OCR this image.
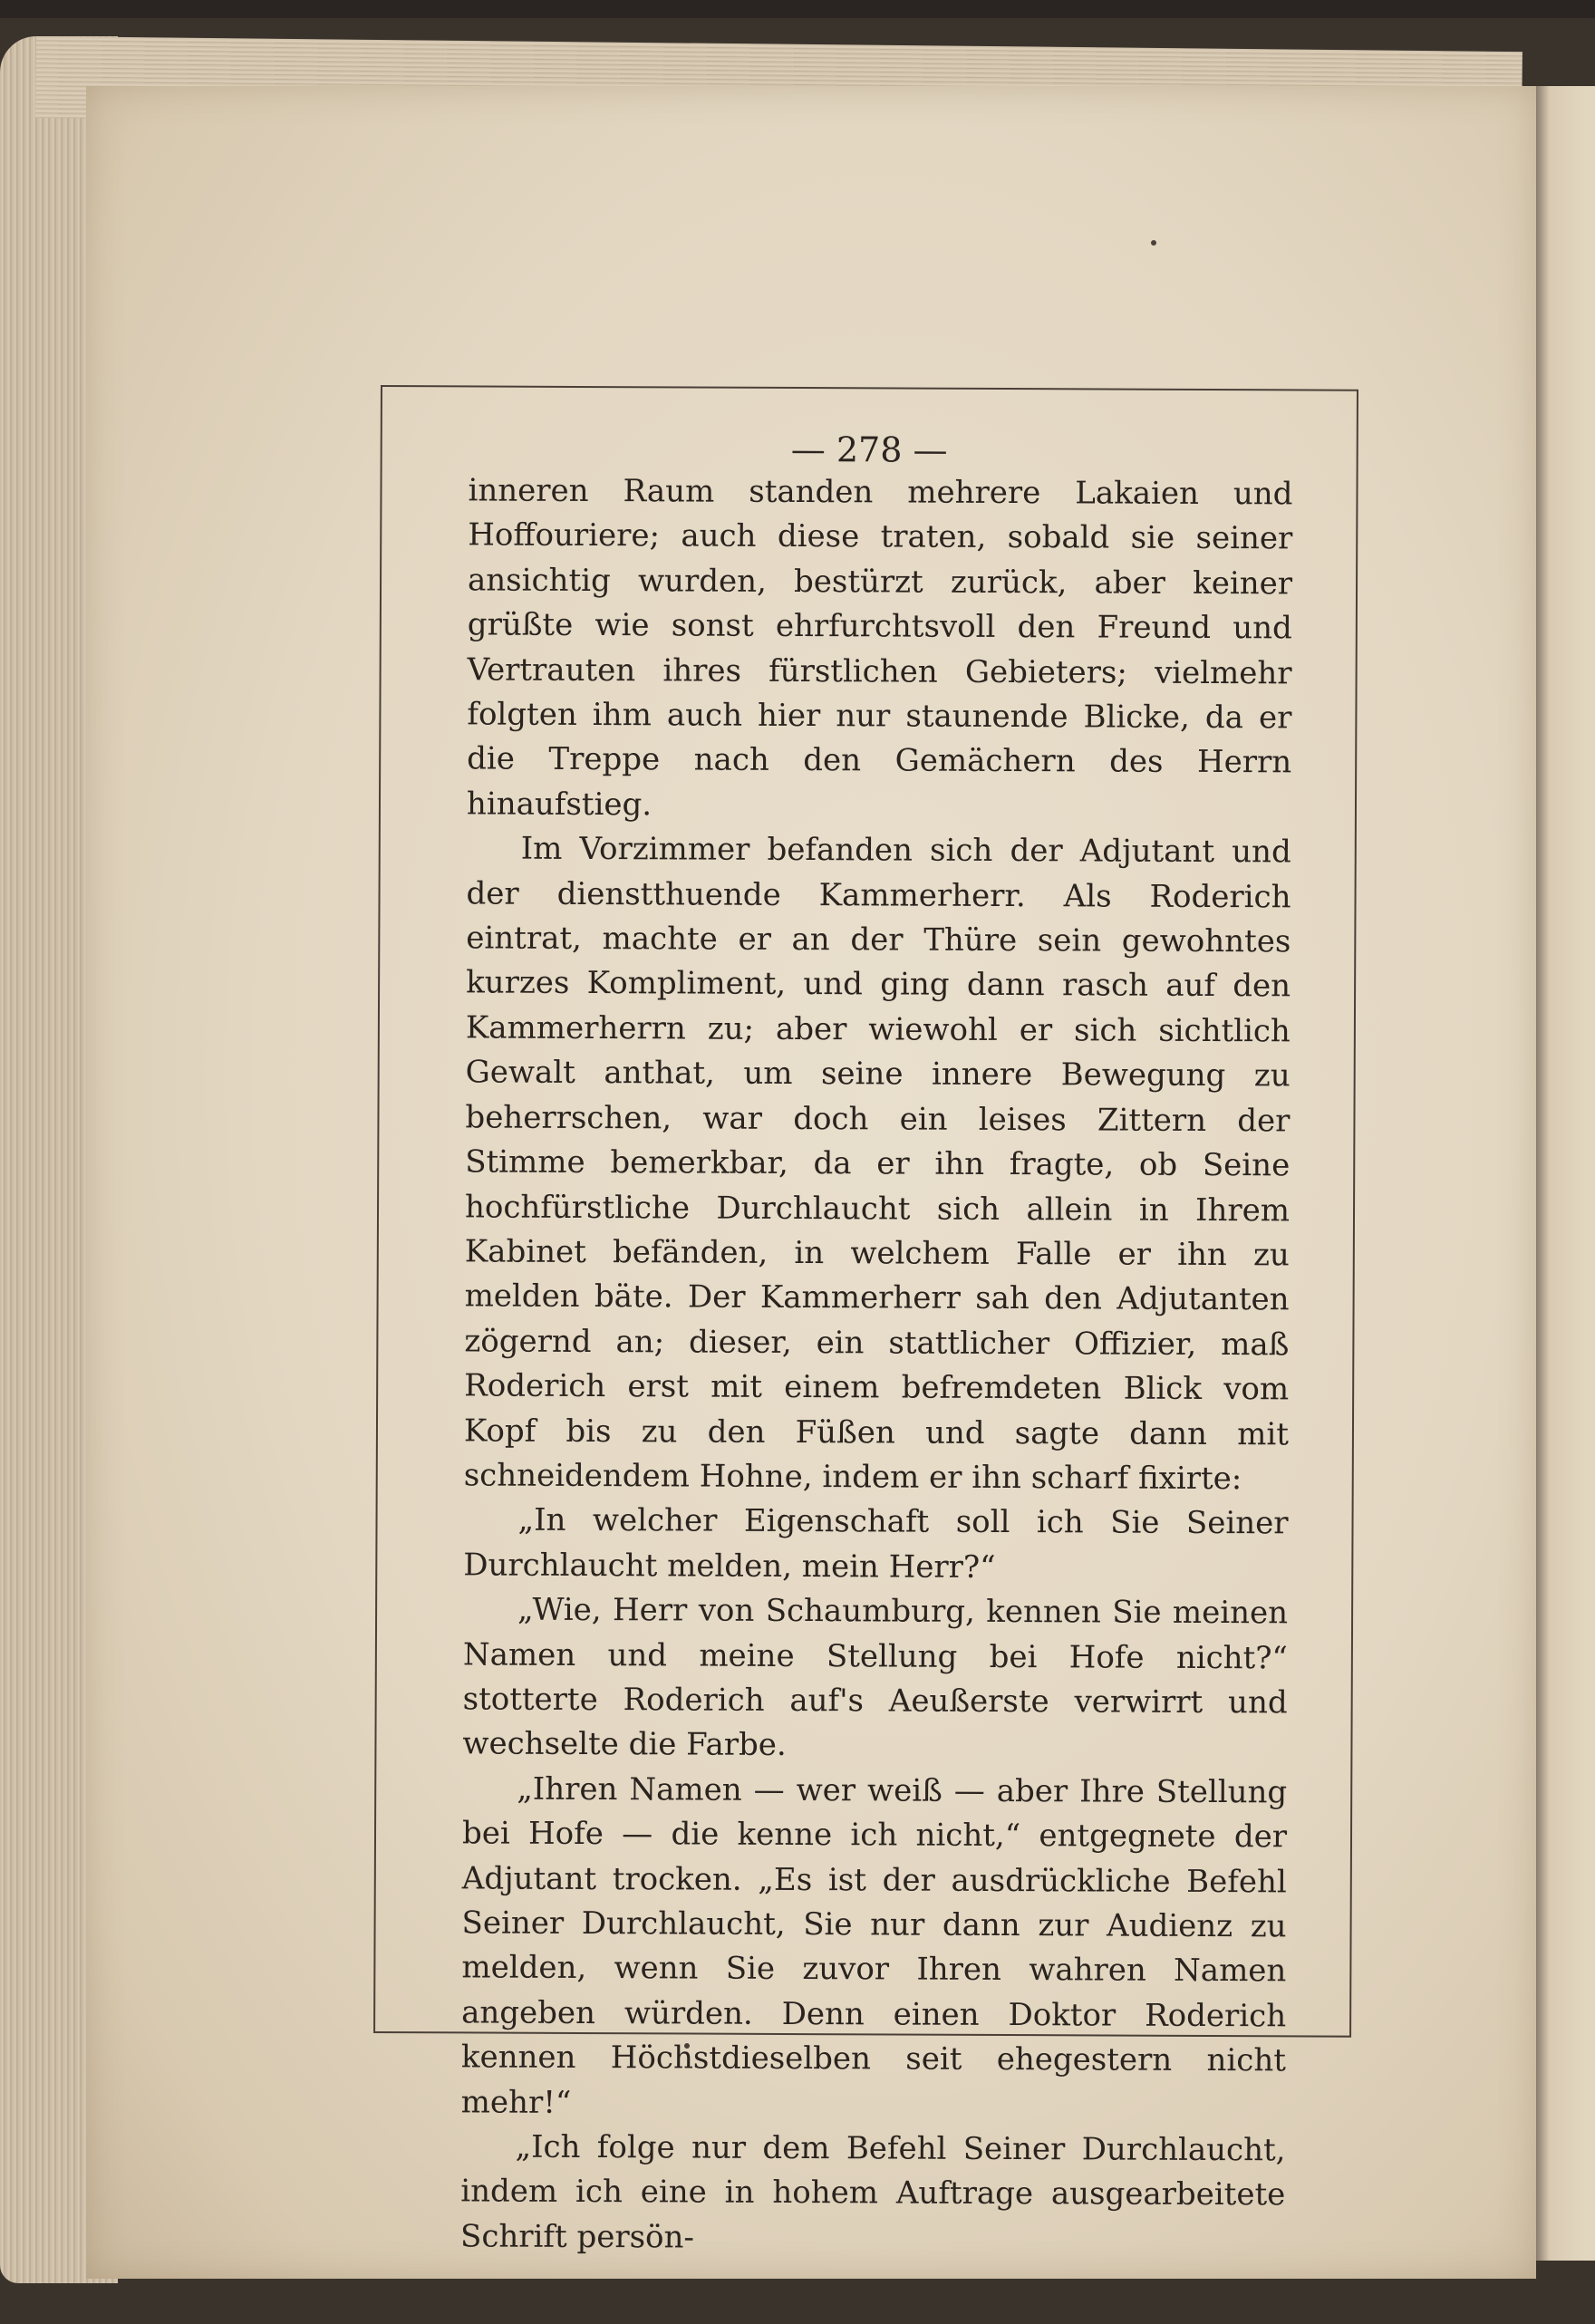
— 278 —

inneren Raum standen mehrere Lakaien und Hoffouriere; auch diese traten, sobald sie seiner ansichtig wurden, bestürzt zurück, aber keiner grüßte wie sonst ehrfurchtsvoll den Freund und Vertrauten ihres fürstlichen Gebieters; vielmehr folgten ihm auch hier nur staunende Blicke, da er die Treppe nach den Gemächern des Herrn hinaufstieg.

Im Vorzimmer befanden sich der Adjutant und der dienstthuende Kammerherr. Als Roderich eintrat, machte er an der Thüre sein gewohntes kurzes Kompliment, und ging dann rasch auf den Kammerherrn zu; aber wiewohl er sich sichtlich Gewalt anthat, um seine innere Bewegung zu beherrschen, war doch ein leises Zittern der Stimme bemerkbar, da er ihn fragte, ob Seine hochfürstliche Durchlaucht sich allein in Ihrem Kabinet befänden, in welchem Falle er ihn zu melden bäte. Der Kammerherr sah den Adjutanten zögernd an; dieser, ein stattlicher Offizier, maß Roderich erst mit einem befremdeten Blick vom Kopf bis zu den Füßen und sagte dann mit schneidendem Hohne, indem er ihn scharf fixirte:

„In welcher Eigenschaft soll ich Sie Seiner Durchlaucht melden, mein Herr?“

„Wie, Herr von Schaumburg, kennen Sie meinen Namen und meine Stellung bei Hofe nicht?“ stotterte Roderich auf's Aeußerste verwirrt und wechselte die Farbe.

„Ihren Namen — wer weiß — aber Ihre Stellung bei Hofe — die kenne ich nicht,“ entgegnete der Adjutant trocken. „Es ist der ausdrückliche Befehl Seiner Durchlaucht, Sie nur dann zur Audienz zu melden, wenn Sie zuvor Ihren wahren Namen angeben würden. Denn einen Doktor Roderich kennen Höchstdieselben seit ehegestern nicht mehr!“

„Ich folge nur dem Befehl Seiner Durchlaucht, indem ich eine in hohem Auftrage ausgearbeitete Schrift persön-
